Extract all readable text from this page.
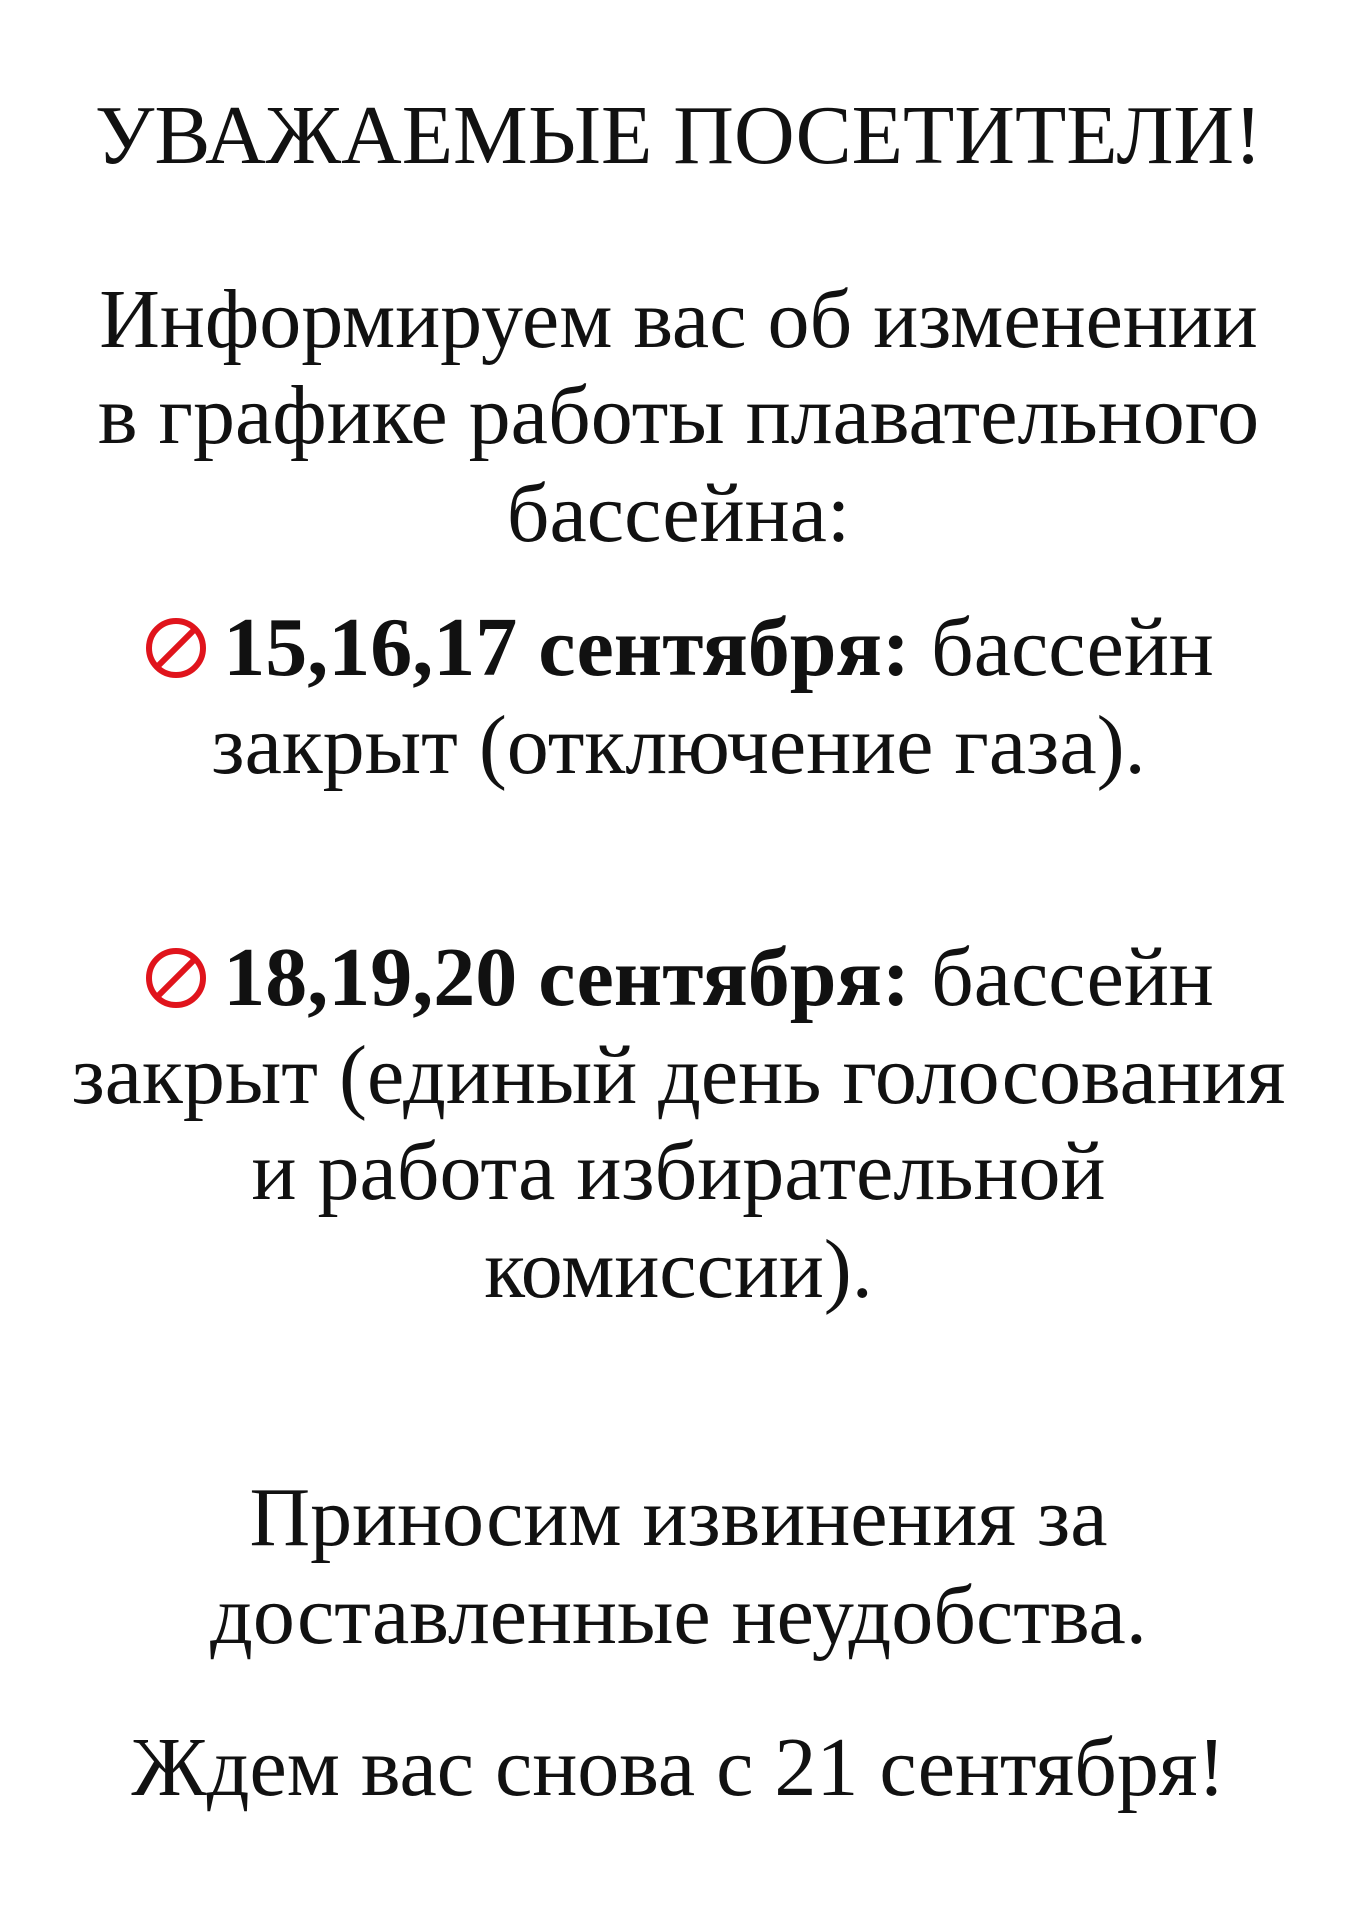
УВАЖАЕМЫЕ ПОСЕТИТЕЛИ!
Информируем вас об изменении
в графике работы плавательного
бассейна:
15,16,17 сентября: бассейн
закрыт (отключение газа).
18,19,20 сентября: бассейн
закрыт (единый день голосования
и работа избирательной
комиссии).
Приносим извинения за
доставленные неудобства.
Ждем вас снова с 21 сентября!
